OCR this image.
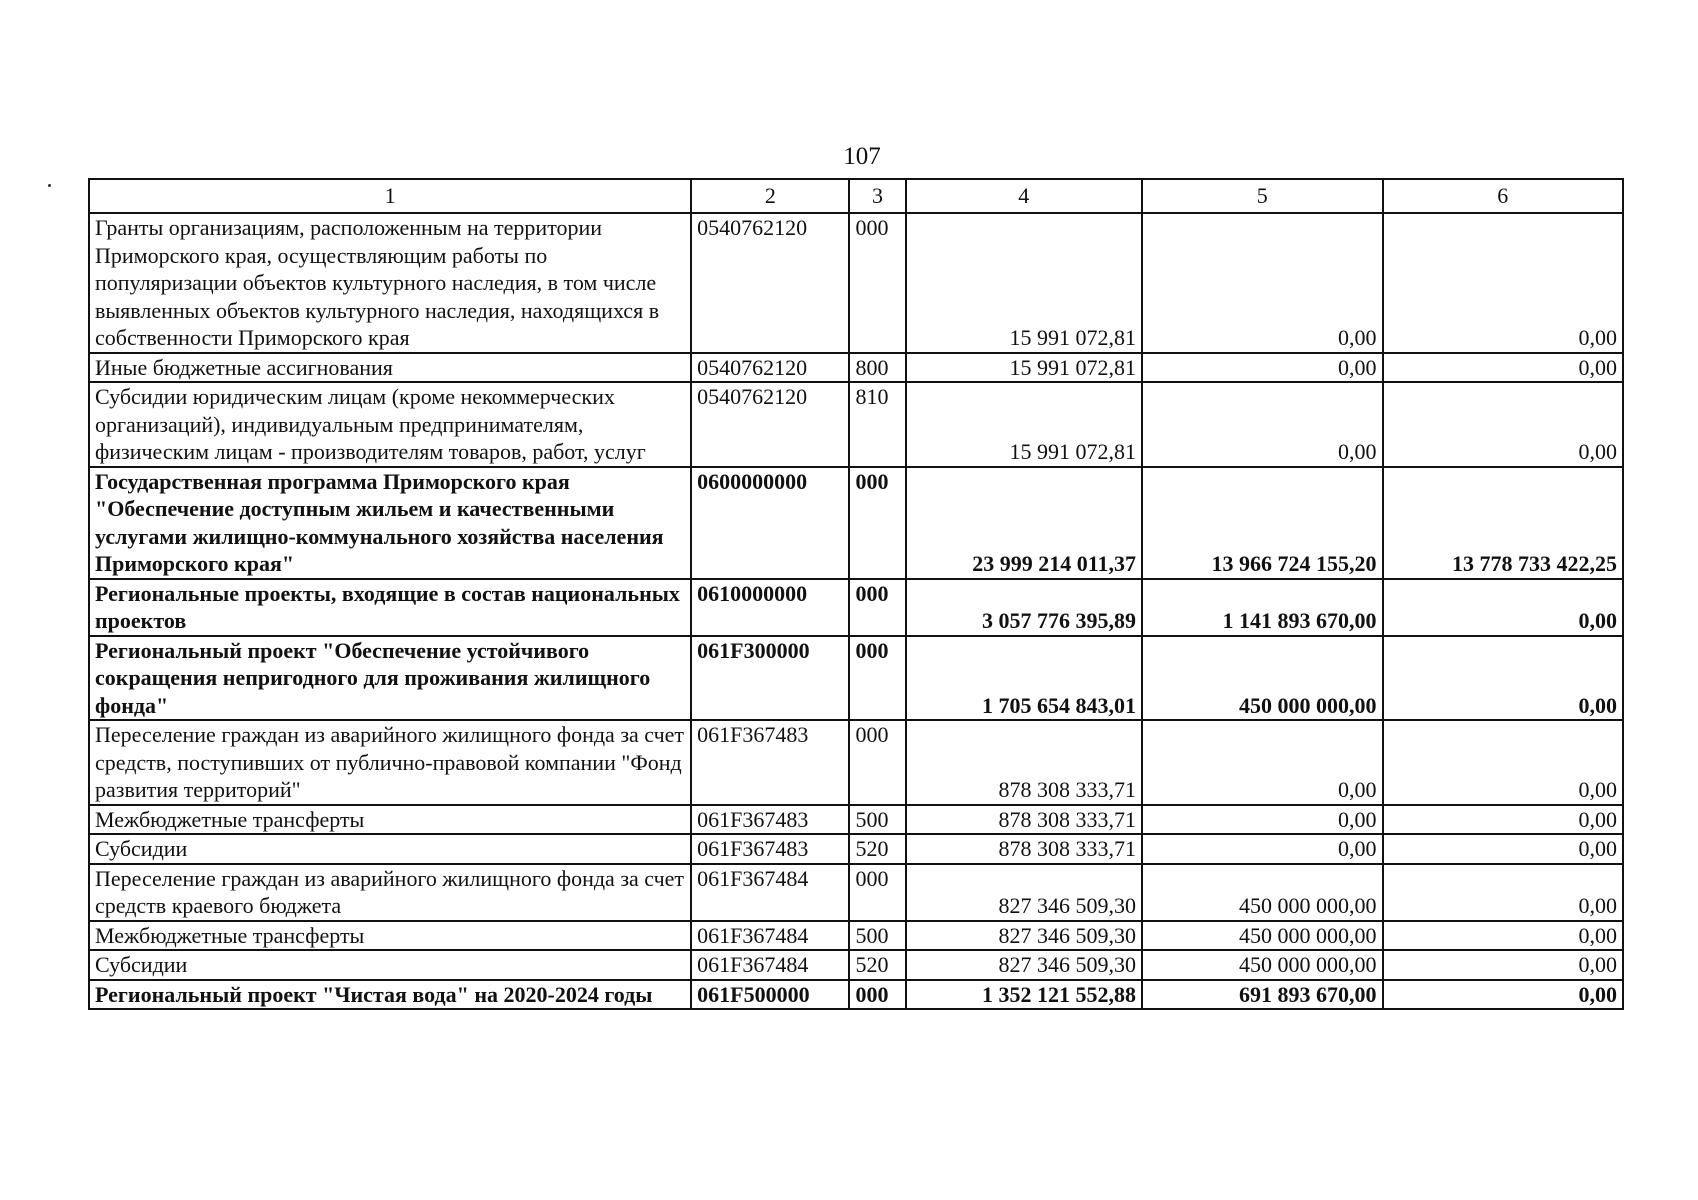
107
1	2	3	4	5	6
Гранты организациям, расположенным на территории Приморского края, осуществляющим работы по популяризации объектов культурного наследия, в том числе выявленных объектов культурного наследия, находящихся в собственности Приморского края	0540762120	000	15 991 072,81	0,00	0,00
Иные бюджетные ассигнования	0540762120	800	15 991 072,81	0,00	0,00
Субсидии юридическим лицам (кроме некоммерческих организаций), индивидуальным предпринимателям, физическим лицам - производителям товаров, работ, услуг	0540762120	810	15 991 072,81	0,00	0,00
Государственная программа Приморского края "Обеспечение доступным жильем и качественными услугами жилищно-коммунального хозяйства населения Приморского края"	0600000000	000	23 999 214 011,37	13 966 724 155,20	13 778 733 422,25
Региональные проекты, входящие в состав национальных проектов	0610000000	000	3 057 776 395,89	1 141 893 670,00	0,00
Региональный проект "Обеспечение устойчивого сокращения непригодного для проживания жилищного фонда"	061F300000	000	1 705 654 843,01	450 000 000,00	0,00
Переселение граждан из аварийного жилищного фонда за счет средств, поступивших от публично-правовой компании "Фонд развития территорий"	061F367483	000	878 308 333,71	0,00	0,00
Межбюджетные трансферты	061F367483	500	878 308 333,71	0,00	0,00
Субсидии	061F367483	520	878 308 333,71	0,00	0,00
Переселение граждан из аварийного жилищного фонда за счет средств краевого бюджета	061F367484	000	827 346 509,30	450 000 000,00	0,00
Межбюджетные трансферты	061F367484	500	827 346 509,30	450 000 000,00	0,00
Субсидии	061F367484	520	827 346 509,30	450 000 000,00	0,00
Региональный проект "Чистая вода" на 2020-2024 годы	061F500000	000	1 352 121 552,88	691 893 670,00	0,00
